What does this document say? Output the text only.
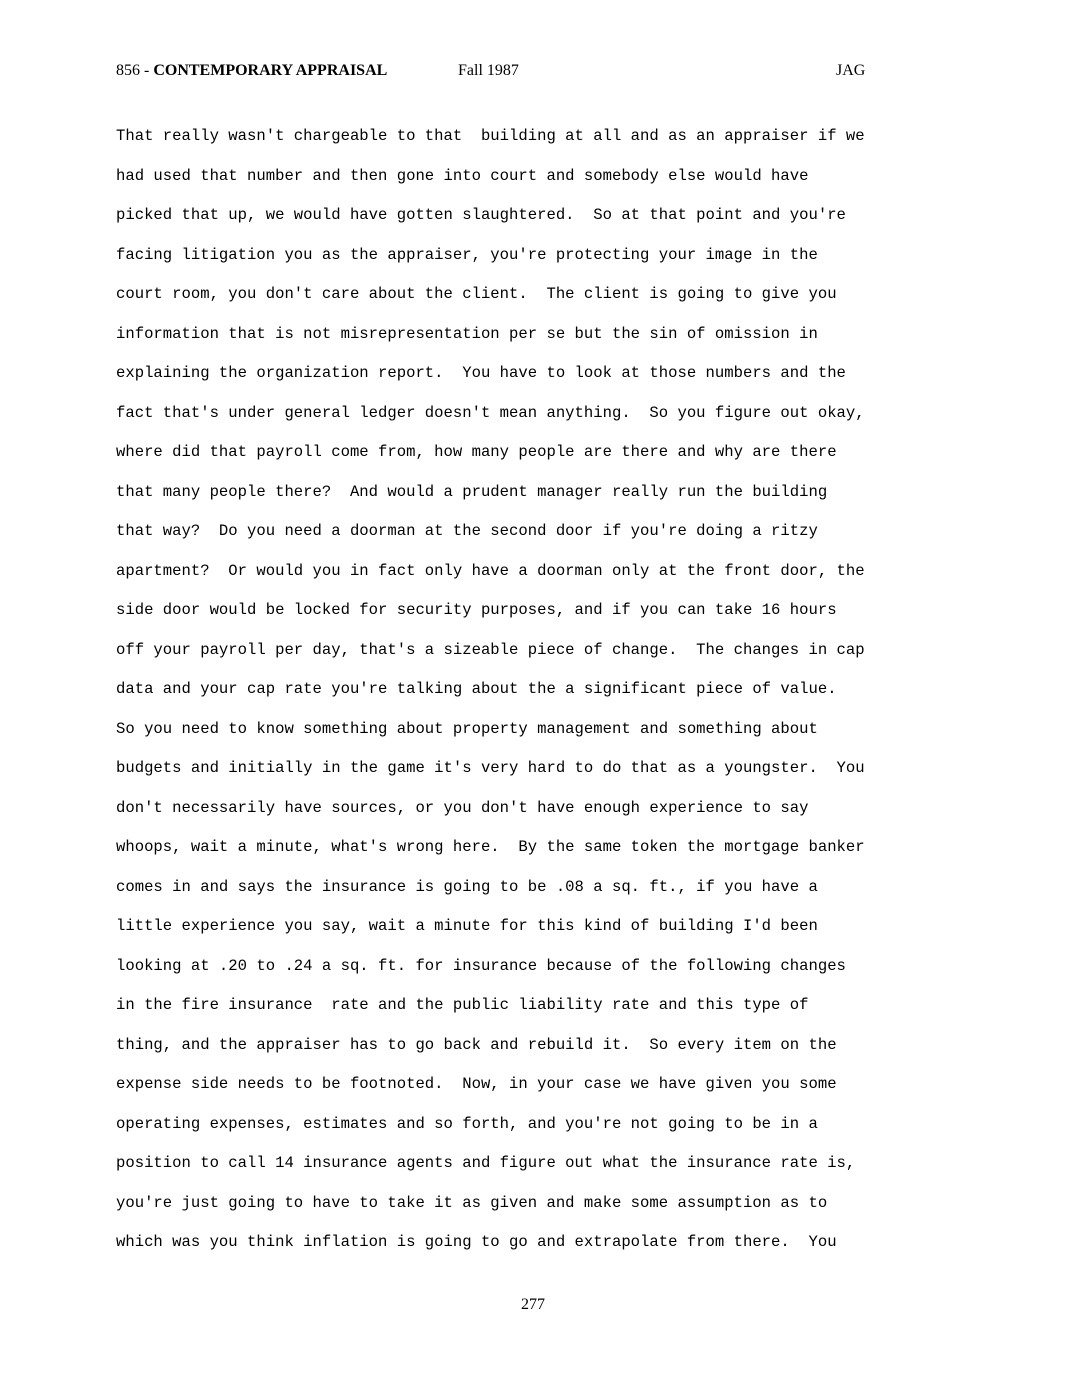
856 - CONTEMPORARY APPRAISAL	Fall 1987	JAG
That really wasn't chargeable to that  building at all and as an appraiser if we
had used that number and then gone into court and somebody else would have
picked that up, we would have gotten slaughtered.  So at that point and you're
facing litigation you as the appraiser, you're protecting your image in the
court room, you don't care about the client.  The client is going to give you
information that is not misrepresentation per se but the sin of omission in
explaining the organization report.  You have to look at those numbers and the
fact that's under general ledger doesn't mean anything.  So you figure out okay,
where did that payroll come from, how many people are there and why are there
that many people there?  And would a prudent manager really run the building
that way?  Do you need a doorman at the second door if you're doing a ritzy
apartment?  Or would you in fact only have a doorman only at the front door, the
side door would be locked for security purposes, and if you can take 16 hours
off your payroll per day, that's a sizeable piece of change.  The changes in cap
data and your cap rate you're talking about the a significant piece of value.
So you need to know something about property management and something about
budgets and initially in the game it's very hard to do that as a youngster.  You
don't necessarily have sources, or you don't have enough experience to say
whoops, wait a minute, what's wrong here.  By the same token the mortgage banker
comes in and says the insurance is going to be .08 a sq. ft., if you have a
little experience you say, wait a minute for this kind of building I'd been
looking at .20 to .24 a sq. ft. for insurance because of the following changes
in the fire insurance  rate and the public liability rate and this type of
thing, and the appraiser has to go back and rebuild it.  So every item on the
expense side needs to be footnoted.  Now, in your case we have given you some
operating expenses, estimates and so forth, and you're not going to be in a
position to call 14 insurance agents and figure out what the insurance rate is,
you're just going to have to take it as given and make some assumption as to
which was you think inflation is going to go and extrapolate from there.  You
277
